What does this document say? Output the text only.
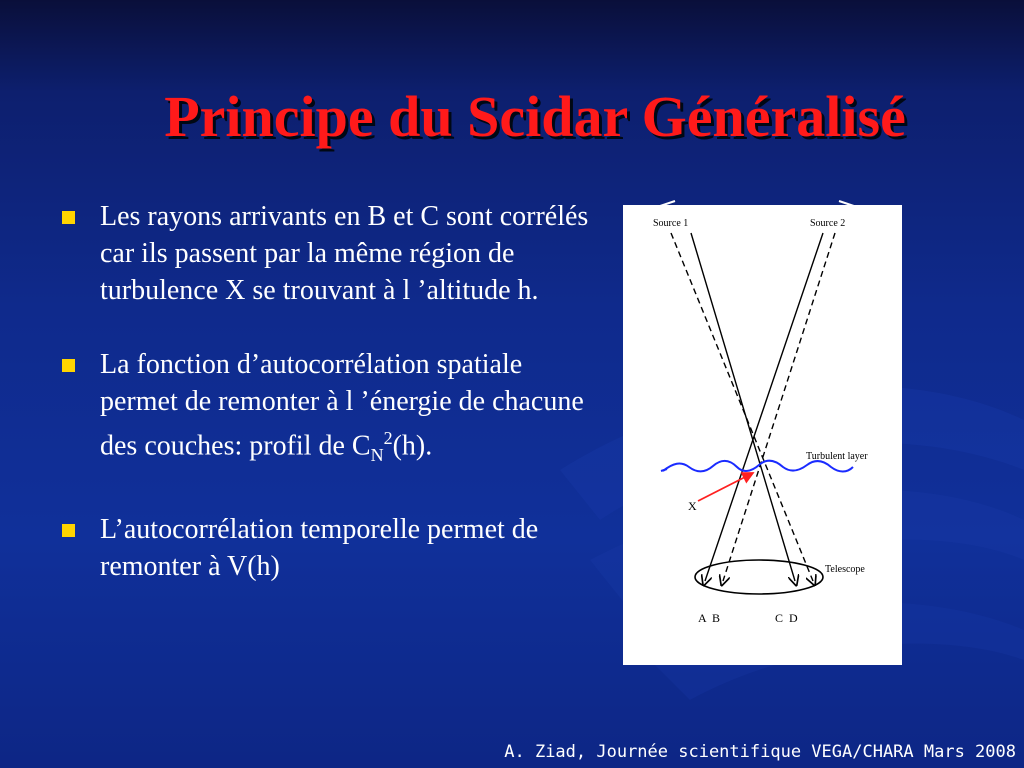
Principe du Scidar Généralisé
Les rayons arrivants en B et C sont corrélés car ils passent par la même région de turbulence X se trouvant à l ’altitude h.
La fonction d’autocorrélation spatiale permet de remonter à l ’énergie de chacune des couches: profil de $C_N^2(h)$.
L’autocorrélation temporelle permet de remonter à V(h)
Source 1	Source 2
Turbulent layer
X
Telescope
A  B	C  D
A. Ziad, Journée scientifique VEGA/CHARA Mars 2008
